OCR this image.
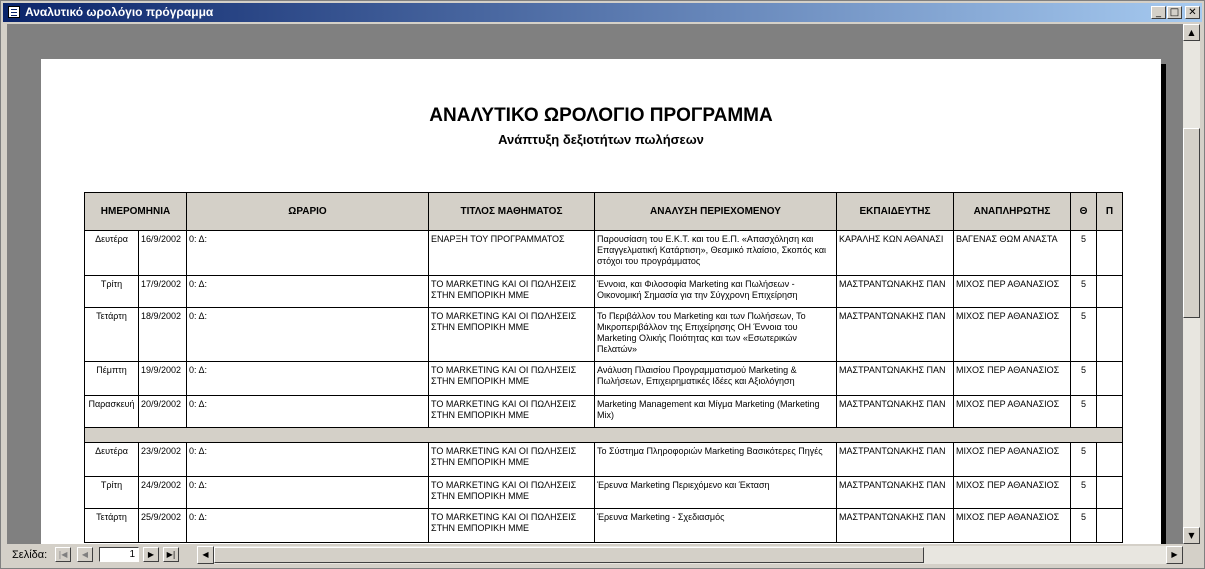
Αναλυτικό ωρολόγιο πρόγραμμα	_ □ ✕
ΑΝΑΛΥΤΙΚΟ ΩΡΟΛΟΓΙΟ ΠΡΟΓΡΑΜΜΑ
Ανάπτυξη δεξιοτήτων πωλήσεων
ΗΜΕΡΟΜΗΝΙΑ		ΩΡΑΡΙΟ	ΤΙΤΛΟΣ ΜΑΘΗΜΑΤΟΣ	ΑΝΑΛΥΣΗ ΠΕΡΙΕΧΟΜΕΝΟΥ	ΕΚΠΑΙΔΕΥΤΗΣ	ΑΝΑΠΛΗΡΩΤΗΣ	Θ	Π
Δευτέρα	16/9/2002	0: Δ:	ΕΝΑΡΞΗ ΤΟΥ ΠΡΟΓΡΑΜΜΑΤΟΣ	Παρουσίαση του Ε.Κ.Τ. και του Ε.Π. «Απασχόληση και Επαγγελματική Κατάρτιση», Θεσμικό πλαίσιο, Σκοπός και στόχοι του προγράμματος	ΚΑΡΑΛΗΣ ΚΩΝ ΑΘΑΝΑΣΙ	ΒΑΓΕΝΑΣ ΘΩΜ ΑΝΑΣΤΑ	5	
Τρίτη	17/9/2002	0: Δ:	ΤΟ MARKETING ΚΑΙ ΟΙ ΠΩΛΗΣΕΙΣ ΣΤΗΝ ΕΜΠΟΡΙΚΗ ΜΜΕ	Έννοια, και Φιλοσοφία Marketing και Πωλήσεων - Οικονομική Σημασία για την Σύγχρονη Επιχείρηση	ΜΑΣΤΡΑΝΤΩΝΑΚΗΣ ΠΑΝ	ΜΙΧΟΣ ΠΕΡ ΑΘΑΝΑΣΙΟΣ	5	
Τετάρτη	18/9/2002	0: Δ:	ΤΟ MARKETING ΚΑΙ ΟΙ ΠΩΛΗΣΕΙΣ ΣΤΗΝ ΕΜΠΟΡΙΚΗ ΜΜΕ	Το Περιβάλλον του Marketing και των Πωλήσεων, Το Μικροπεριβάλλον της Επιχείρησης ΟΗ Έννοια του Marketing Ολικής Ποιότητας και των «Εσωτερικών Πελατών»	ΜΑΣΤΡΑΝΤΩΝΑΚΗΣ ΠΑΝ	ΜΙΧΟΣ ΠΕΡ ΑΘΑΝΑΣΙΟΣ	5	
Πέμπτη	19/9/2002	0: Δ:	ΤΟ MARKETING ΚΑΙ ΟΙ ΠΩΛΗΣΕΙΣ ΣΤΗΝ ΕΜΠΟΡΙΚΗ ΜΜΕ	Ανάλυση Πλαισίου Προγραμματισμού Marketing & Πωλήσεων, Επιχειρηματικές Ιδέες και Αξιολόγηση	ΜΑΣΤΡΑΝΤΩΝΑΚΗΣ ΠΑΝ	ΜΙΧΟΣ ΠΕΡ ΑΘΑΝΑΣΙΟΣ	5	
Παρασκευή	20/9/2002	0: Δ:	ΤΟ MARKETING ΚΑΙ ΟΙ ΠΩΛΗΣΕΙΣ ΣΤΗΝ ΕΜΠΟΡΙΚΗ ΜΜΕ	Marketing Management και Μίγμα Marketing (Marketing Mix)	ΜΑΣΤΡΑΝΤΩΝΑΚΗΣ ΠΑΝ	ΜΙΧΟΣ ΠΕΡ ΑΘΑΝΑΣΙΟΣ	5	

Δευτέρα	23/9/2002	0: Δ:	ΤΟ MARKETING ΚΑΙ ΟΙ ΠΩΛΗΣΕΙΣ ΣΤΗΝ ΕΜΠΟΡΙΚΗ ΜΜΕ	Το Σύστημα Πληροφοριών Marketing Βασικότερες Πηγές	ΜΑΣΤΡΑΝΤΩΝΑΚΗΣ ΠΑΝ	ΜΙΧΟΣ ΠΕΡ ΑΘΑΝΑΣΙΟΣ	5	
Τρίτη	24/9/2002	0: Δ:	ΤΟ MARKETING ΚΑΙ ΟΙ ΠΩΛΗΣΕΙΣ ΣΤΗΝ ΕΜΠΟΡΙΚΗ ΜΜΕ	Έρευνα Marketing Περιεχόμενο και Έκταση	ΜΑΣΤΡΑΝΤΩΝΑΚΗΣ ΠΑΝ	ΜΙΧΟΣ ΠΕΡ ΑΘΑΝΑΣΙΟΣ	5	
Τετάρτη	25/9/2002	0: Δ:	ΤΟ MARKETING ΚΑΙ ΟΙ ΠΩΛΗΣΕΙΣ ΣΤΗΝ ΕΜΠΟΡΙΚΗ ΜΜΕ	Έρευνα Marketing - Σχεδιασμός	ΜΑΣΤΡΑΝΤΩΝΑΚΗΣ ΠΑΝ	ΜΙΧΟΣ ΠΕΡ ΑΘΑΝΑΣΙΟΣ	5	
▲
▼
Σελίδα:	|◀	◀	1	▶	▶|	◀	▶
